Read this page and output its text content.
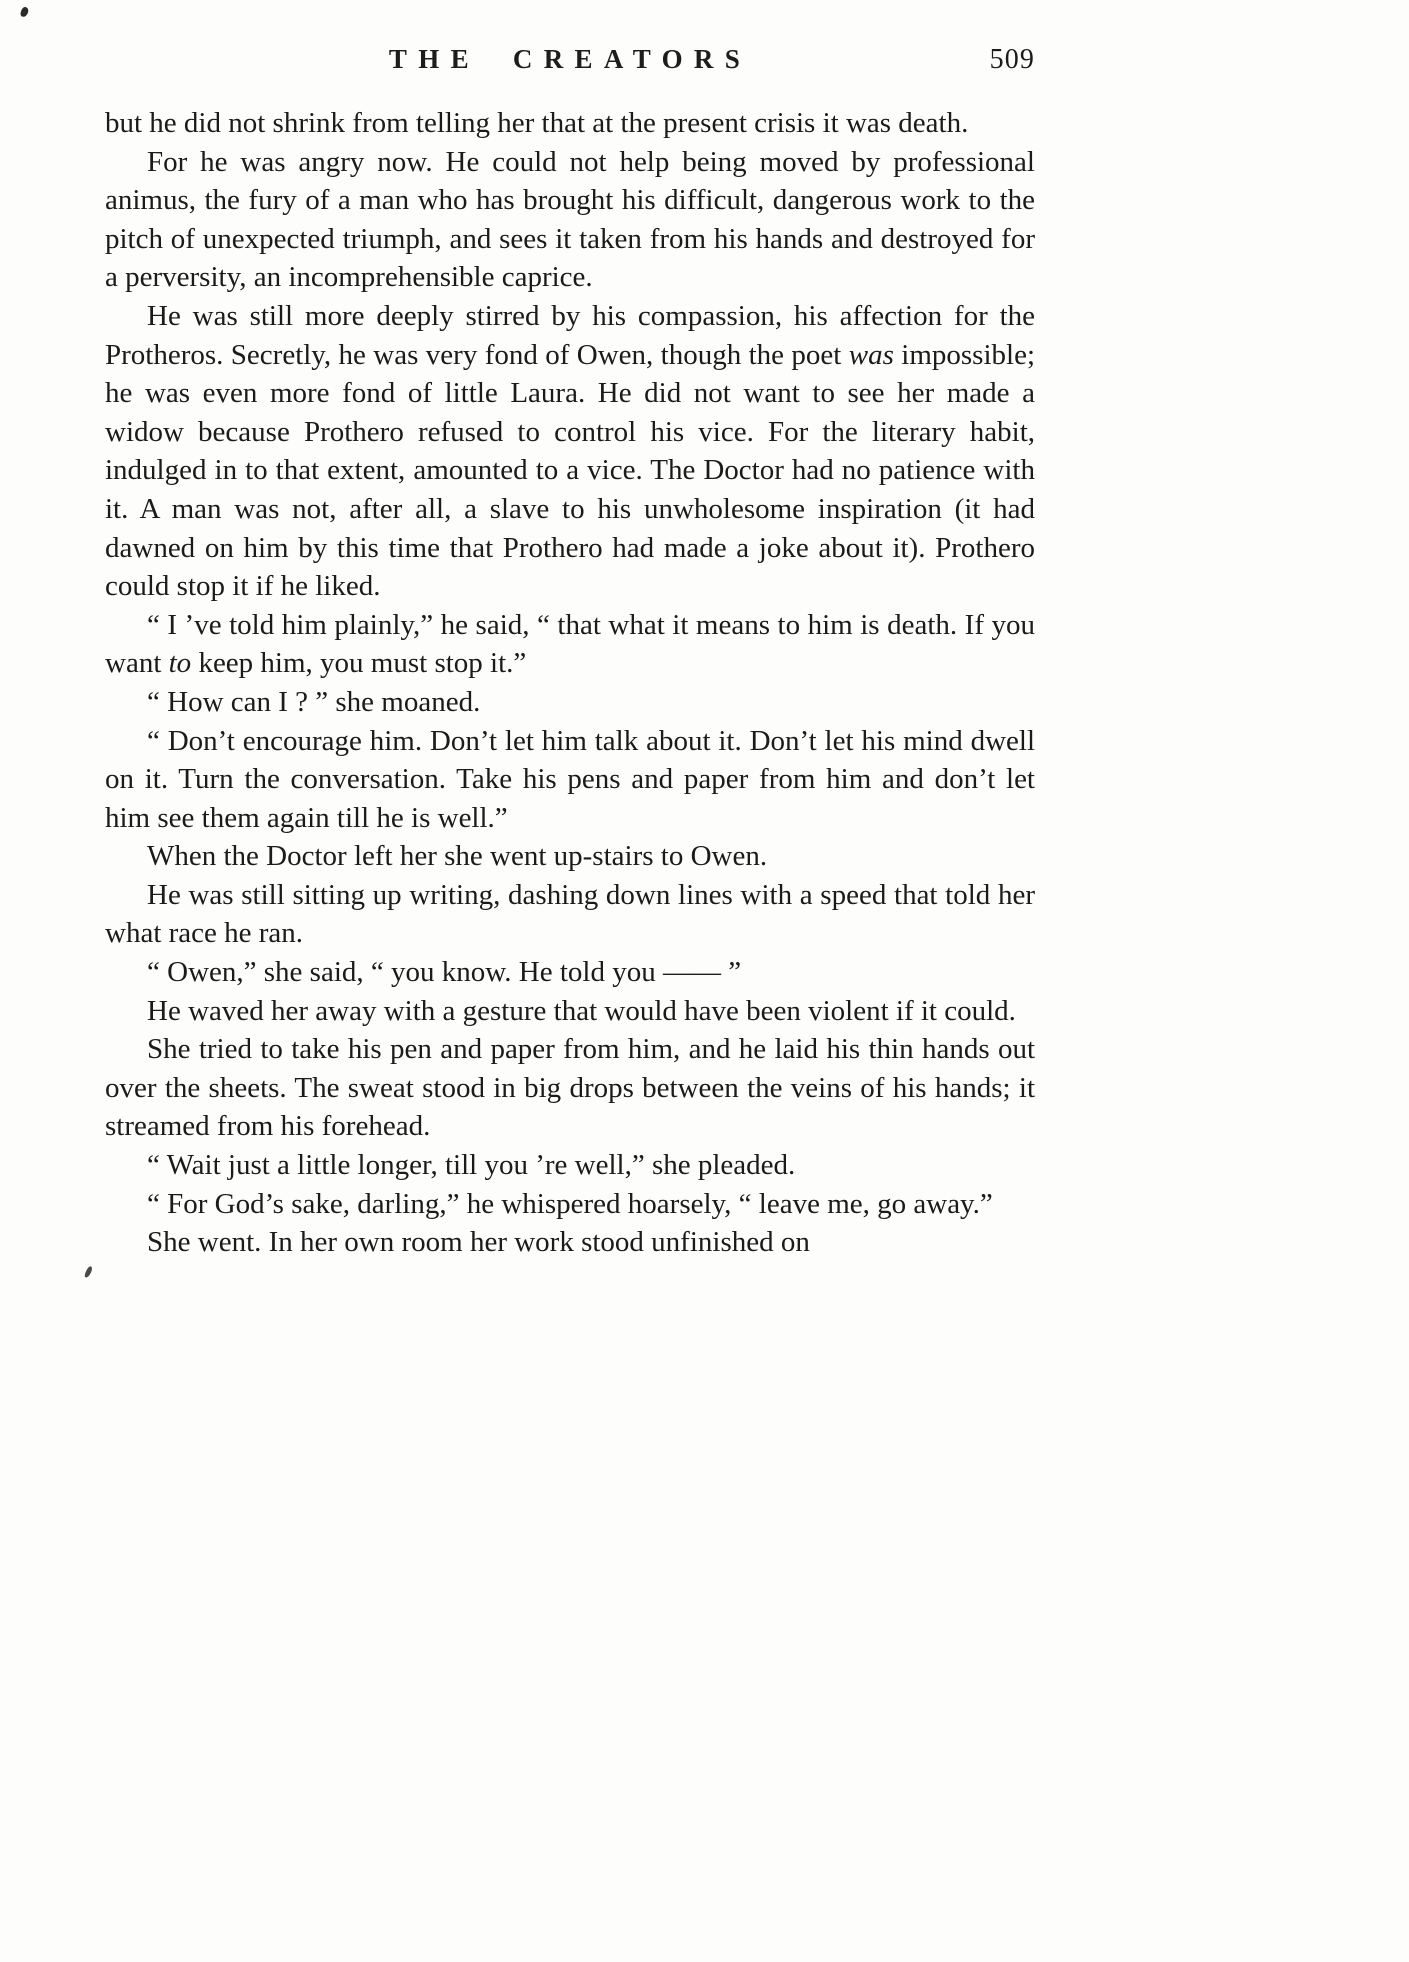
THE CREATORS	509

but he did not shrink from telling her that at the present crisis it was death.

For he was angry now. He could not help being moved by professional animus, the fury of a man who has brought his difficult, dangerous work to the pitch of unexpected triumph, and sees it taken from his hands and destroyed for a perversity, an incomprehensible caprice.

He was still more deeply stirred by his compassion, his affection for the Protheros. Secretly, he was very fond of Owen, though the poet was impossible; he was even more fond of little Laura. He did not want to see her made a widow because Prothero refused to control his vice. For the literary habit, indulged in to that extent, amounted to a vice. The Doctor had no patience with it. A man was not, after all, a slave to his unwholesome inspiration (it had dawned on him by this time that Prothero had made a joke about it). Prothero could stop it if he liked.

“ I ’ve told him plainly,” he said, “ that what it means to him is death. If you want to keep him, you must stop it.”

“ How can I ? ” she moaned.

“ Don’t encourage him. Don’t let him talk about it. Don’t let his mind dwell on it. Turn the conversation. Take his pens and paper from him and don’t let him see them again till he is well.”

When the Doctor left her she went up-stairs to Owen.

He was still sitting up writing, dashing down lines with a speed that told her what race he ran.

“ Owen,” she said, “ you know. He told you —— ”

He waved her away with a gesture that would have been violent if it could.

She tried to take his pen and paper from him, and he laid his thin hands out over the sheets. The sweat stood in big drops between the veins of his hands; it streamed from his forehead.

“ Wait just a little longer, till you ’re well,” she pleaded.

“ For God’s sake, darling,” he whispered hoarsely, “ leave me, go away.”

She went. In her own room her work stood unfinished on
